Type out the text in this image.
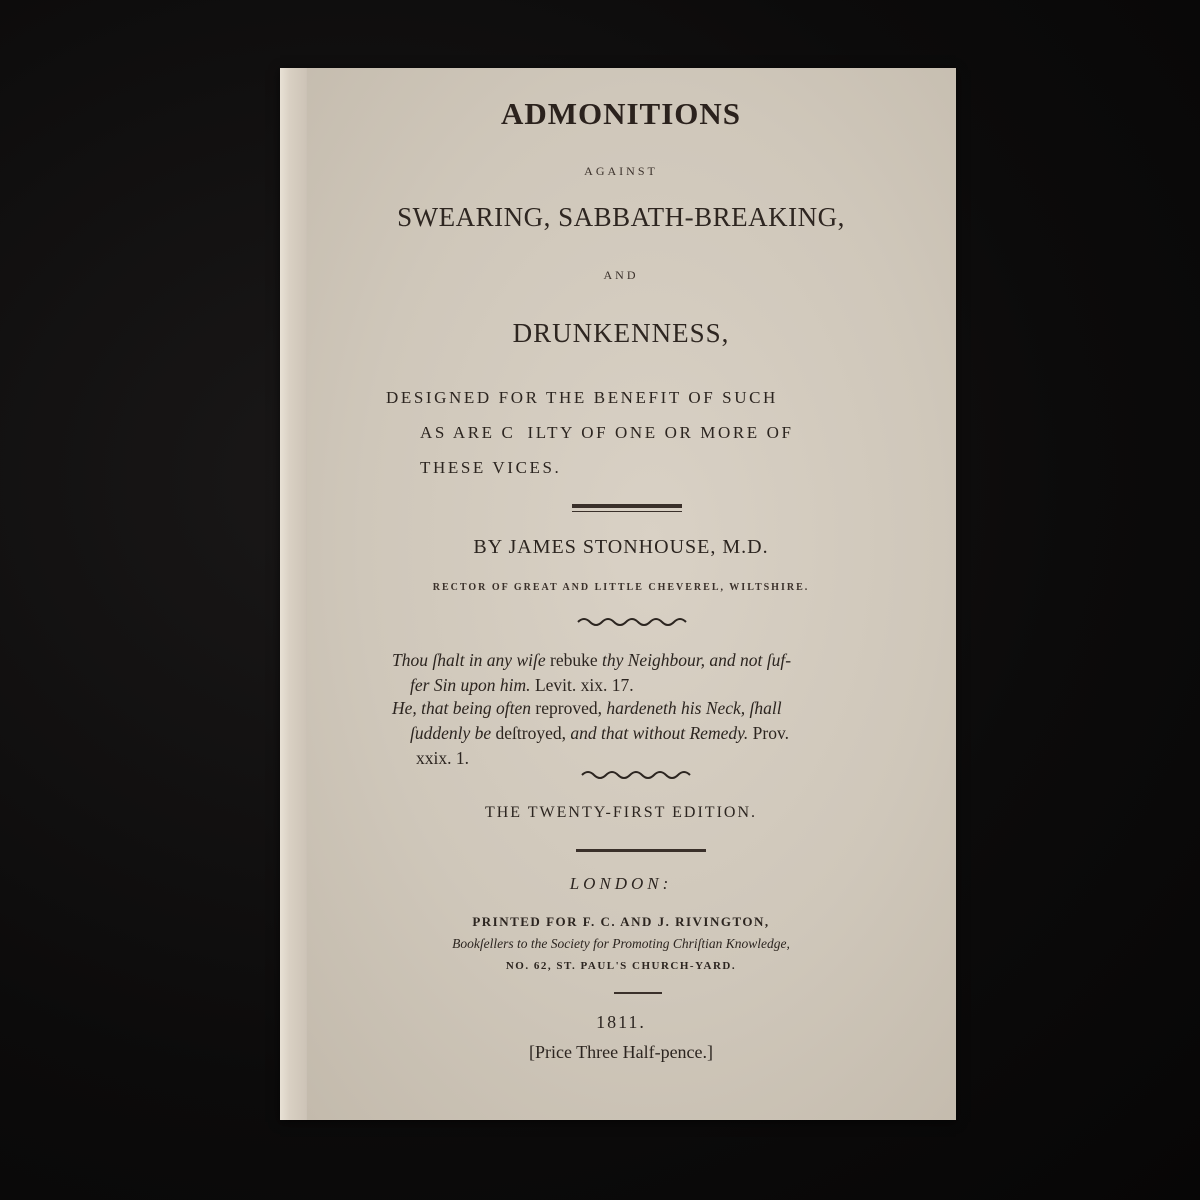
ADMONITIONS
AGAINST
SWEARING, SABBATH-BREAKING,
AND
DRUNKENNESS,
DESIGNED FOR THE BENEFIT OF SUCH
AS ARE C  ILTY OF ONE OR MORE OF
THESE VICES.
BY JAMES STONHOUSE, M.D.
RECTOR OF GREAT AND LITTLE CHEVEREL, WILTSHIRE.
Thou ſhalt in any wiſe rebuke thy Neighbour, and not ſuf-
fer Sin upon him. Levit. xix. 17.
He, that being often reproved, hardeneth his Neck, ſhall
ſuddenly be deſtroyed, and that without Remedy. Prov.
xxix. 1.
THE TWENTY-FIRST EDITION.
LONDON:
PRINTED FOR F. C. AND J. RIVINGTON,
Bookſellers to the Society for Promoting Chriſtian Knowledge,
NO. 62, ST. PAUL'S CHURCH-YARD.
1811.
[Price Three Half-pence.]
